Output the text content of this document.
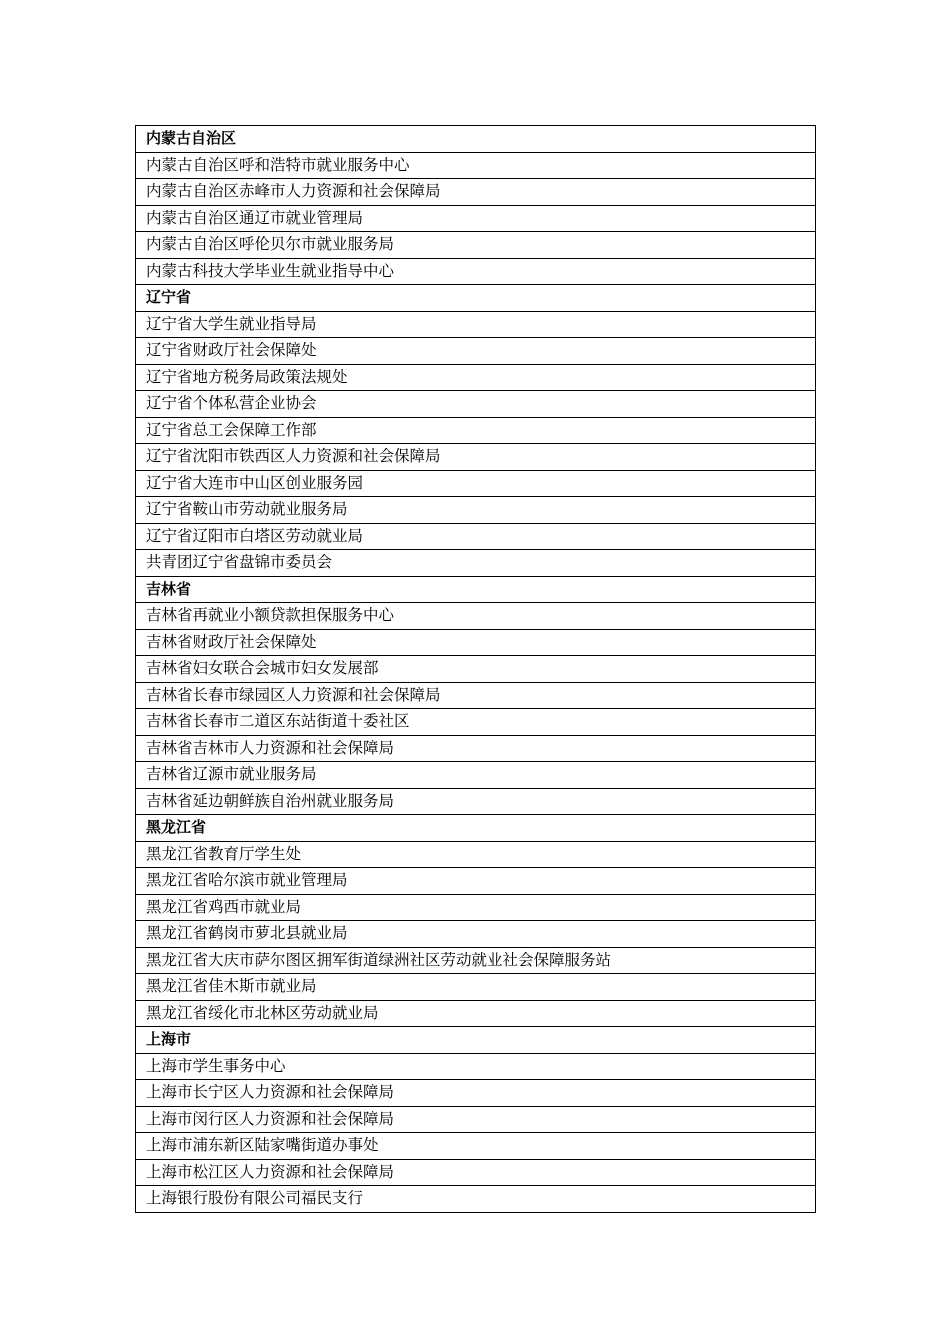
内蒙古自治区
内蒙古自治区呼和浩特市就业服务中心
内蒙古自治区赤峰市人力资源和社会保障局
内蒙古自治区通辽市就业管理局
内蒙古自治区呼伦贝尔市就业服务局
内蒙古科技大学毕业生就业指导中心
辽宁省
辽宁省大学生就业指导局
辽宁省财政厅社会保障处
辽宁省地方税务局政策法规处
辽宁省个体私营企业协会
辽宁省总工会保障工作部
辽宁省沈阳市铁西区人力资源和社会保障局
辽宁省大连市中山区创业服务园
辽宁省鞍山市劳动就业服务局
辽宁省辽阳市白塔区劳动就业局
共青团辽宁省盘锦市委员会
吉林省
吉林省再就业小额贷款担保服务中心
吉林省财政厅社会保障处
吉林省妇女联合会城市妇女发展部
吉林省长春市绿园区人力资源和社会保障局
吉林省长春市二道区东站街道十委社区
吉林省吉林市人力资源和社会保障局
吉林省辽源市就业服务局
吉林省延边朝鲜族自治州就业服务局
黑龙江省
黑龙江省教育厅学生处
黑龙江省哈尔滨市就业管理局
黑龙江省鸡西市就业局
黑龙江省鹤岗市萝北县就业局
黑龙江省大庆市萨尔图区拥军街道绿洲社区劳动就业社会保障服务站
黑龙江省佳木斯市就业局
黑龙江省绥化市北林区劳动就业局
上海市
上海市学生事务中心
上海市长宁区人力资源和社会保障局
上海市闵行区人力资源和社会保障局
上海市浦东新区陆家嘴街道办事处
上海市松江区人力资源和社会保障局
上海银行股份有限公司福民支行
